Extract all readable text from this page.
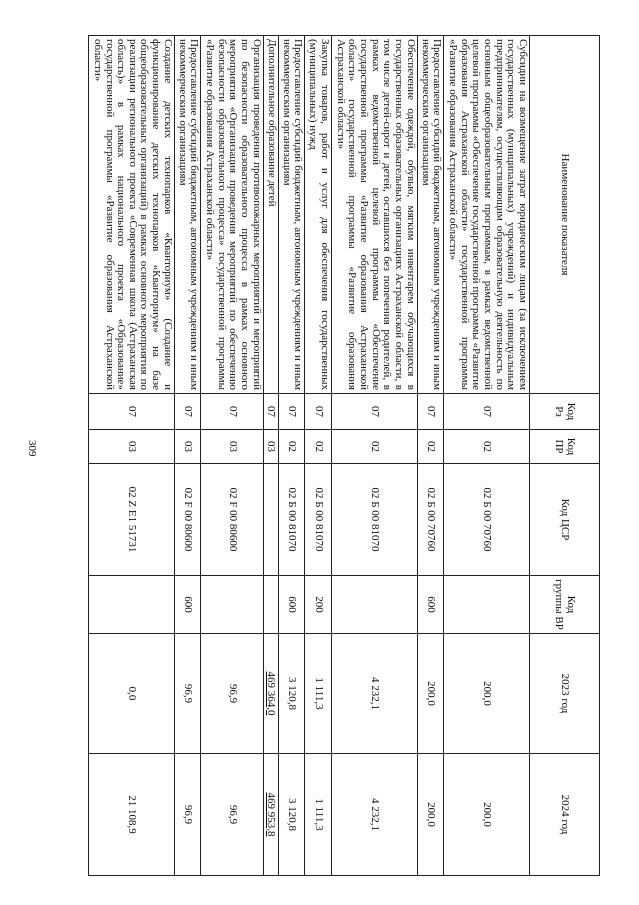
309
Наименование показателя	Код Рз	Код ПР	Код ЦСР	Код группы ВР	2023 год	2024 год
Субсидии на возмещение затрат юридическим лицам (за исключением государственных (муниципальных) учреждений) и индивидуальным предпринимателям, осуществляющим образовательную деятельность по основным общеобразовательным программам, в рамках ведомственной целевой программы «Обеспечение государственной программы «Развитие образования Астраханской области» государственной программы «Развитие образования Астраханской области»	07	02	02 Б 00 70760		200,0	200,0
Предоставление субсидий бюджетным, автономным учреждениям и иным некоммерческим организациям	07	02	02 Б 00 70760	600	200,0	200,0
Обеспечение одеждой, обувью, мягким инвентарем обучающихся в государственных образовательных организациях Астраханской области, в том числе детей-сирот и детей, оставшихся без попечения родителей, в рамках ведомственной целевой программы «Обеспечение государственной программы «Развитие образования Астраханской области» государственной программы «Развитие образования Астраханской области»	07	02	02 Б 00 81070		4 232,1	4 232,1
Закупка товаров, работ и услуг для обеспечения государственных (муниципальных) нужд	07	02	02 Б 00 81070	200	1 111,3	1 111,3
Предоставление субсидий бюджетным, автономным учреждениям и иным некоммерческим организациям	07	02	02 Б 00 81070	600	3 120,8	3 120,8
Дополнительное образование детей	07	03			469 364,0	469 953,8
Организация проведения противопожарных мероприятий и мероприятий по безопасности образовательного процесса в рамках основного мероприятия «Организация проведения мероприятий по обеспечению безопасности образовательного процесса» государственной программы «Развитие образования Астраханской области»	07	03	02 F 00 80600		96,9	96,9
Предоставление субсидий бюджетным, автономным учреждениям и иным некоммерческим организациям	07	03	02 F 00 80600	600	96,9	96,9
Создание детских технопарков «Кванториум» (Создание и функционирование детских технопарков «Кванториум» на базе общеобразовательных организаций) в рамках основного мероприятия по реализации регионального проекта «Современная школа (Астраханская область)» в рамках национального проекта «Образование» государственной программы «Развитие образования Астраханской области»	07	03	02 Z E1 51731		0,0	21 108,9
